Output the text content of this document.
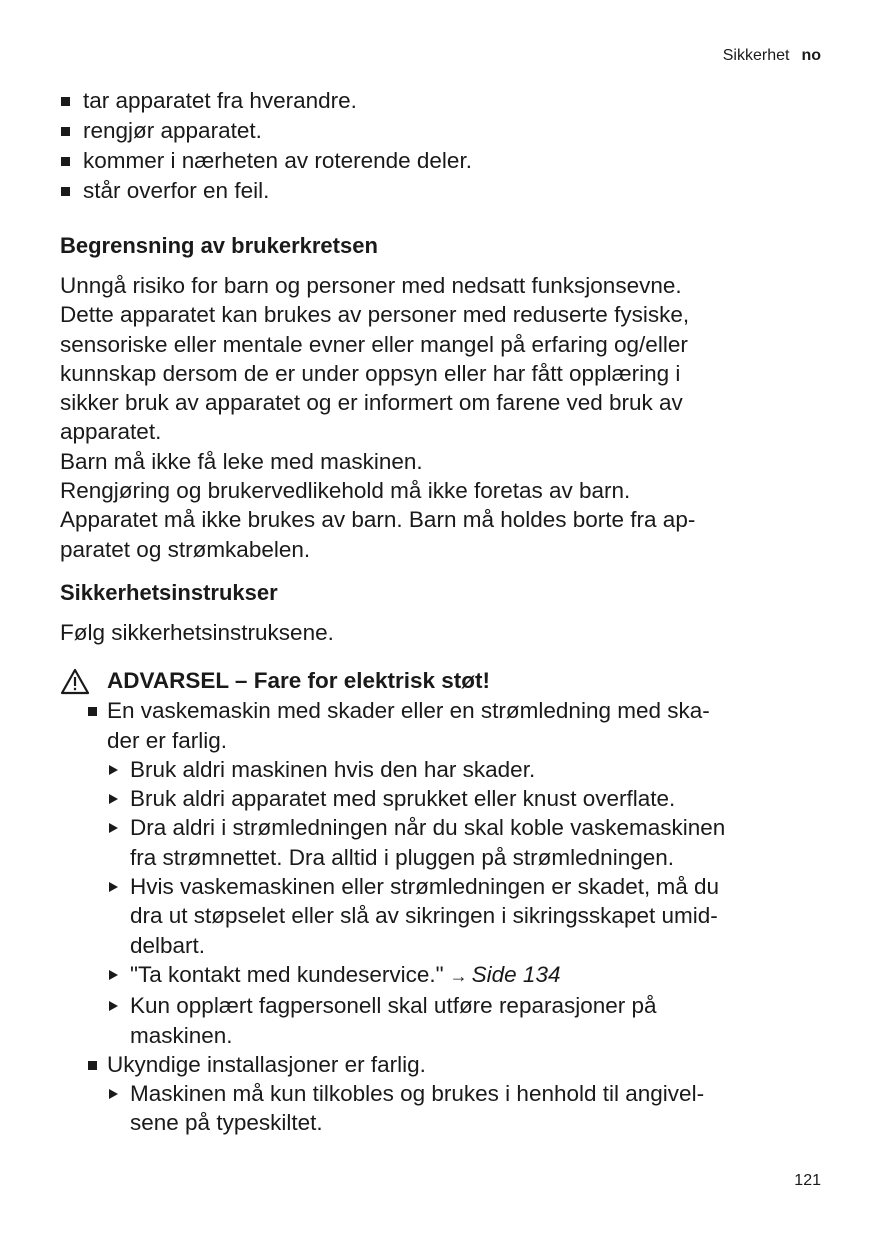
Sikkerhet no
tar apparatet fra hverandre.
rengjør apparatet.
kommer i nærheten av roterende deler.
står overfor en feil.
Begrensning av brukerkretsen

Unngå risiko for barn og personer med nedsatt funksjonsevne.

Dette apparatet kan brukes av personer med reduserte fysiske,

sensoriske eller mentale evner eller mangel på erfaring og/eller

kunnskap dersom de er under oppsyn eller har fått opplæring i

sikker bruk av apparatet og er informert om farene ved bruk av

apparatet.

Barn må ikke få leke med maskinen.

Rengjøring og brukervedlikehold må ikke foretas av barn.

Apparatet må ikke brukes av barn. Barn må holdes borte fra ap-

paratet og strømkabelen.

Sikkerhetsinstrukser

Følg sikkerhetsinstruksene.

ADVARSEL – Fare for elektrisk støt!
En vaskemaskin med skader eller en strømledning med ska-
der er farlig.
Bruk aldri maskinen hvis den har skader.
Bruk aldri apparatet med sprukket eller knust overflate.
Dra aldri i strømledningen når du skal koble vaskemaskinen
fra strømnettet. Dra alltid i pluggen på strømledningen.
Hvis vaskemaskinen eller strømledningen er skadet, må du
dra ut støpselet eller slå av sikringen i sikringsskapet umid-
delbart.
"Ta kontakt med kundeservice." → Side 134
Kun opplært fagpersonell skal utføre reparasjoner på
maskinen.
Ukyndige installasjoner er farlig.
Maskinen må kun tilkobles og brukes i henhold til angivel-
sene på typeskiltet.
121
